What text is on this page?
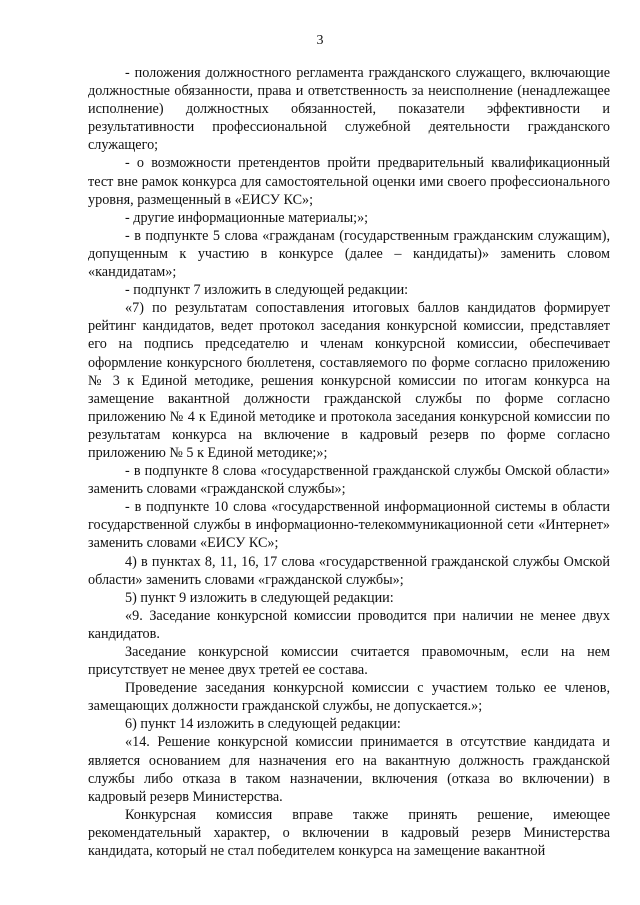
3

- положения должностного регламента гражданского служащего, включающие должностные обязанности, права и ответственность за неисполнение (ненадлежащее исполнение) должностных обязанностей, показатели эффективности и результативности профессиональной служебной деятельности гражданского служащего;

- о возможности претендентов пройти предварительный квалификационный тест вне рамок конкурса для самостоятельной оценки ими своего профессионального уровня, размещенный в «ЕИСУ КС»;

- другие информационные материалы;»;

- в подпункте 5 слова «гражданам (государственным гражданским служащим), допущенным к участию в конкурсе (далее – кандидаты)» заменить словом «кандидатам»;

- подпункт 7 изложить в следующей редакции:

«7) по результатам сопоставления итоговых баллов кандидатов формирует рейтинг кандидатов, ведет протокол заседания конкурсной комиссии, представляет его на подпись председателю и членам конкурсной комиссии, обеспечивает оформление конкурсного бюллетеня, составляемого по форме согласно приложению № 3 к Единой методике, решения конкурсной комиссии по итогам конкурса на замещение вакантной должности гражданской службы по форме согласно приложению № 4 к Единой методике и протокола заседания конкурсной комиссии по результатам конкурса на включение в кадровый резерв по форме согласно приложению № 5 к Единой методике;»;

- в подпункте 8 слова «государственной гражданской службы Омской области» заменить словами «гражданской службы»;

- в подпункте 10 слова «государственной информационной системы в области государственной службы в информационно-телекоммуникационной сети «Интернет» заменить словами «ЕИСУ КС»;

4) в пунктах 8, 11, 16, 17 слова «государственной гражданской службы Омской области» заменить словами «гражданской службы»;

5) пункт 9 изложить в следующей редакции:

«9. Заседание конкурсной комиссии проводится при наличии не менее двух кандидатов.

Заседание конкурсной комиссии считается правомочным, если на нем присутствует не менее двух третей ее состава.

Проведение заседания конкурсной комиссии с участием только ее членов, замещающих должности гражданской службы, не допускается.»;

6) пункт 14 изложить в следующей редакции:

«14. Решение конкурсной комиссии принимается в отсутствие кандидата и является основанием для назначения его на вакантную должность гражданской службы либо отказа в таком назначении, включения (отказа во включении) в кадровый резерв Министерства.

Конкурсная комиссия вправе также принять решение, имеющее рекомендательный характер, о включении в кадровый резерв Министерства кандидата, который не стал победителем конкурса на замещение вакантной
